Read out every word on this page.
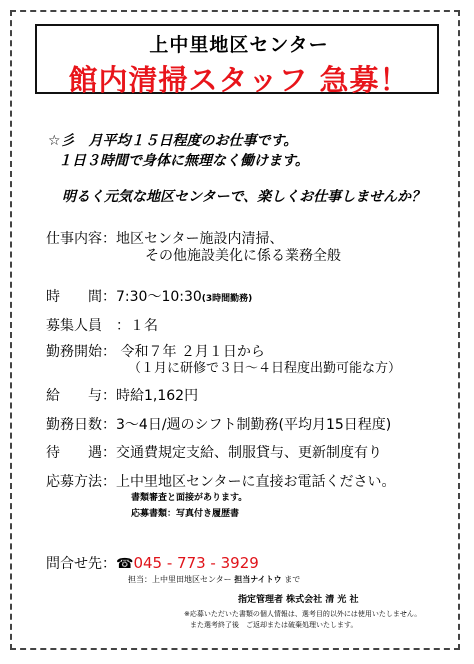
上中里地区センター
館内清掃スタッフ 急募！
☆彡　月平均１５日程度のお仕事です。
１日３時間で身体に無理なく働けます。
明るく元気な地区センターで、楽しくお仕事しませんか？
仕事内容：地区センター施設内清掃、
その他施設美化に係る業務全般
時　　間：7:30～10:30(3時間勤務)
募集人員　：１名
勤務開始： 令和７年 ２月１日から
（１月に研修で３日～４日程度出勤可能な方）
給　　与：時給1,162円
勤務日数：3～4日/週のシフト制勤務(平均月15日程度)
待　　遇：交通費規定支給、制服貸与、更新制度有り
応募方法：上中里地区センターに直接お電話ください。
書類審査と面接があります。
応募書類：写真付き履歴書
問合せ先：☎045 - 773 - 3929
担当：上中里田地区センター 担当ナイトウ まで
指定管理者 株式会社 清 光 社
※応募いただいた書類の個人情報は、選考目的以外には使用いたしません。
また選考終了後　ご返却または破棄処理いたします。
